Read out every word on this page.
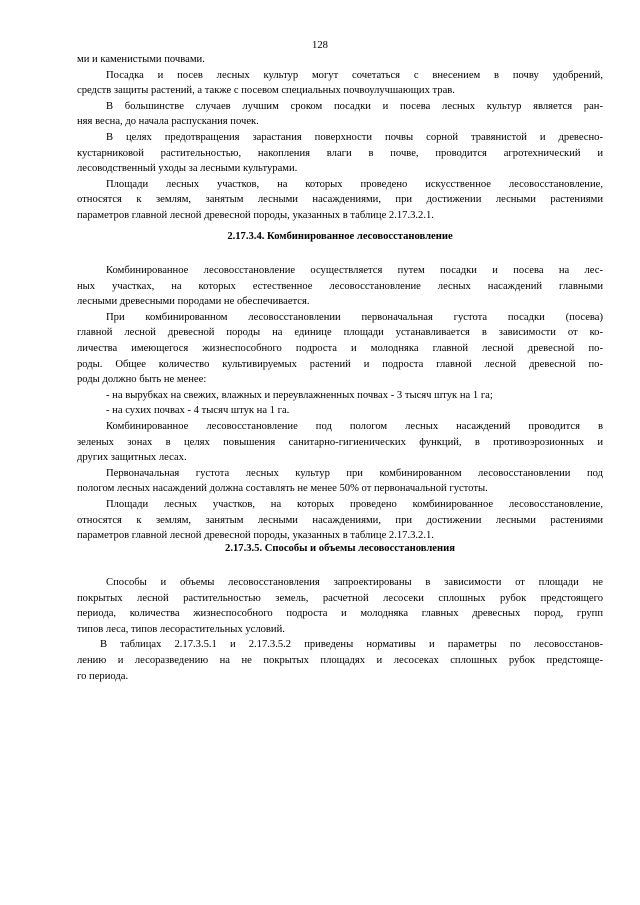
128
ми и каменистыми почвами.
Посадка и посев лесных культур могут сочетаться с внесением в почву удобрений,
средств защиты растений, а также с посевом специальных почвоулучшающих трав.
В большинстве случаев лучшим сроком посадки и посева лесных культур является ран-
няя весна, до начала распускания почек.
В целях предотвращения зарастания поверхности почвы сорной травянистой и древесно-
кустарниковой растительностью, накопления влаги в почве, проводится агротехнический и
лесоводственный уходы за лесными культурами.
Площади лесных участков, на которых проведено искусственное лесовосстановление,
относятся к землям, занятым лесными насаждениями, при достижении лесными растениями
параметров главной лесной древесной породы, указанных в таблице 2.17.3.2.1.
2.17.3.4. Комбинированное лесовосстановление
Комбинированное лесовосстановление осуществляется путем посадки и посева на лес-
ных участках, на которых естественное лесовосстановление лесных насаждений главными
лесными древесными породами не обеспечивается.
При комбинированном лесовосстановлении первоначальная густота посадки (посева)
главной лесной древесной породы на единице площади устанавливается в зависимости от ко-
личества имеющегося жизнеспособного подроста и молодняка главной лесной древесной по-
роды. Общее количество культивируемых растений и подроста главной лесной древесной по-
роды должно быть не менее:
- на вырубках на свежих, влажных и переувлажненных почвах - 3 тысяч штук на 1 га;
- на сухих почвах - 4 тысяч штук на 1 га.
Комбинированное лесовосстановление под пологом лесных насаждений проводится в
зеленых зонах в целях повышения санитарно-гигиенических функций, в противоэрозионных и
других защитных лесах.
Первоначальная густота лесных культур при комбинированном лесовосстановлении под
пологом лесных насаждений должна составлять не менее 50% от первоначальной густоты.
Площади лесных участков, на которых проведено комбинированное лесовосстановление,
относятся к землям, занятым лесными насаждениями, при достижении лесными растениями
параметров главной лесной древесной породы, указанных в таблице 2.17.3.2.1.
2.17.3.5. Способы и объемы лесовосстановления
Способы и объемы лесовосстановления запроектированы в зависимости от площади не
покрытых лесной растительностью земель, расчетной лесосеки сплошных рубок предстоящего
периода, количества жизнеспособного подроста и молодняка главных древесных пород, групп
типов леса, типов лесорастительных условий.
В таблицах 2.17.3.5.1 и 2.17.3.5.2 приведены нормативы и параметры по лесовосстанов-
лению и лесоразведению на не покрытых площадях и лесосеках сплошных рубок предстояще-
го периода.
